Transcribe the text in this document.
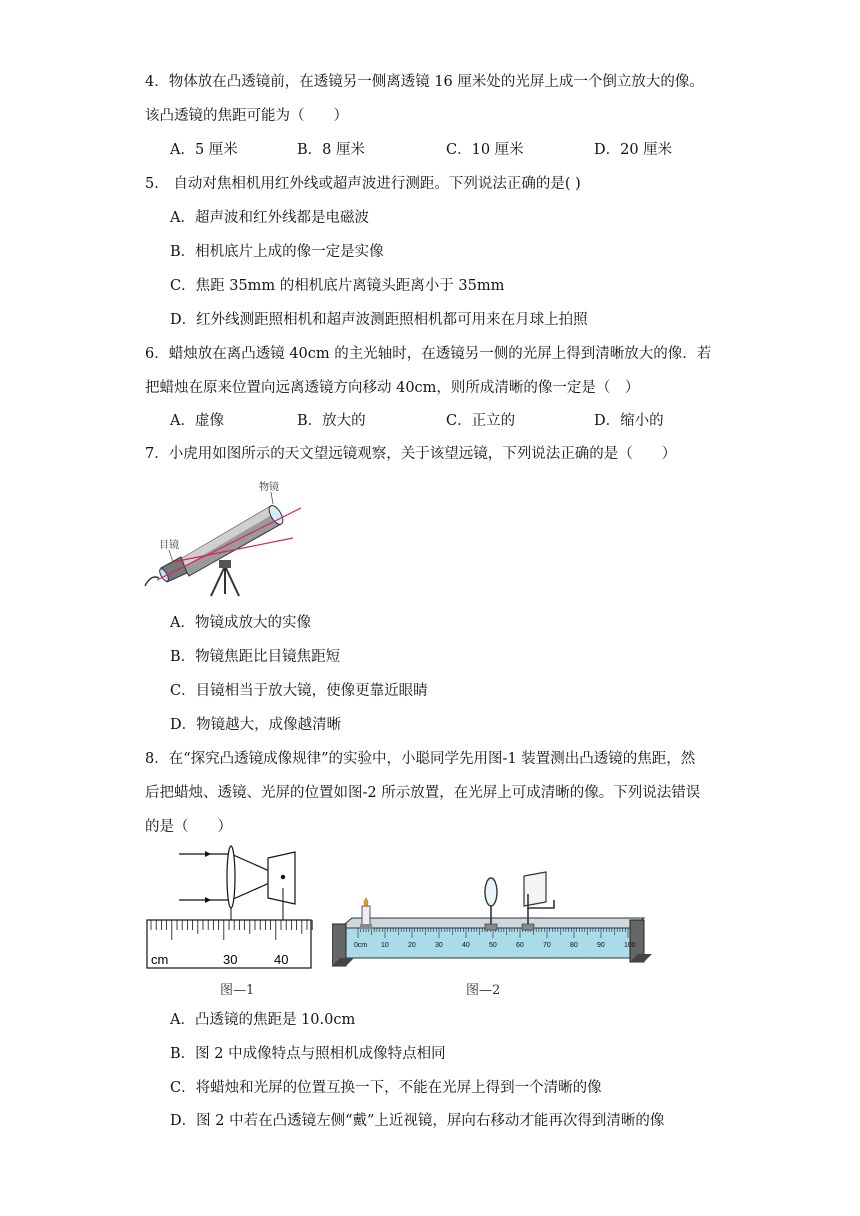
4．物体放在凸透镜前，在透镜另一侧离透镜 16 厘米处的光屏上成一个倒立放大的像。
该凸透镜的焦距可能为（　　）
A．5 厘米	B．8 厘米	C．10 厘米	D．20 厘米
5.　自动对焦相机用红外线或超声波进行测距。下列说法正确的是( )
A．超声波和红外线都是电磁波
B．相机底片上成的像一定是实像
C．焦距 35mm 的相机底片离镜头距离小于 35mm
D．红外线测距照相机和超声波测距照相机都可用来在月球上拍照
6．蜡烛放在离凸透镜 40cm 的主光轴时，在透镜另一侧的光屏上得到清晰放大的像．若
把蜡烛在原来位置向远离透镜方向移动 40cm，则所成清晰的像一定是（　）
A．虚像	B．放大的	C．正立的	D．缩小的
7．小虎用如图所示的天文望远镜观察，关于该望远镜，下列说法正确的是（　　）
物镜
目镜
A．物镜成放大的实像
B．物镜焦距比目镜焦距短
C．目镜相当于放大镜，使像更靠近眼睛
D．物镜越大，成像越清晰
8．在“探究凸透镜成像规律”的实验中，小聪同学先用图-1 装置测出凸透镜的焦距，然
后把蜡烛、透镜、光屏的位置如图-2 所示放置，在光屏上可成清晰的像。下列说法错误
的是（　　）
cm	30	40
图—1
0cm 10	20	30	40	50	60	70	80	90	100
图—2
A．凸透镜的焦距是 10.0cm
B．图 2 中成像特点与照相机成像特点相同
C．将蜡烛和光屏的位置互换一下，不能在光屏上得到一个清晰的像
D．图 2 中若在凸透镜左侧“戴”上近视镜，屏向右移动才能再次得到清晰的像
